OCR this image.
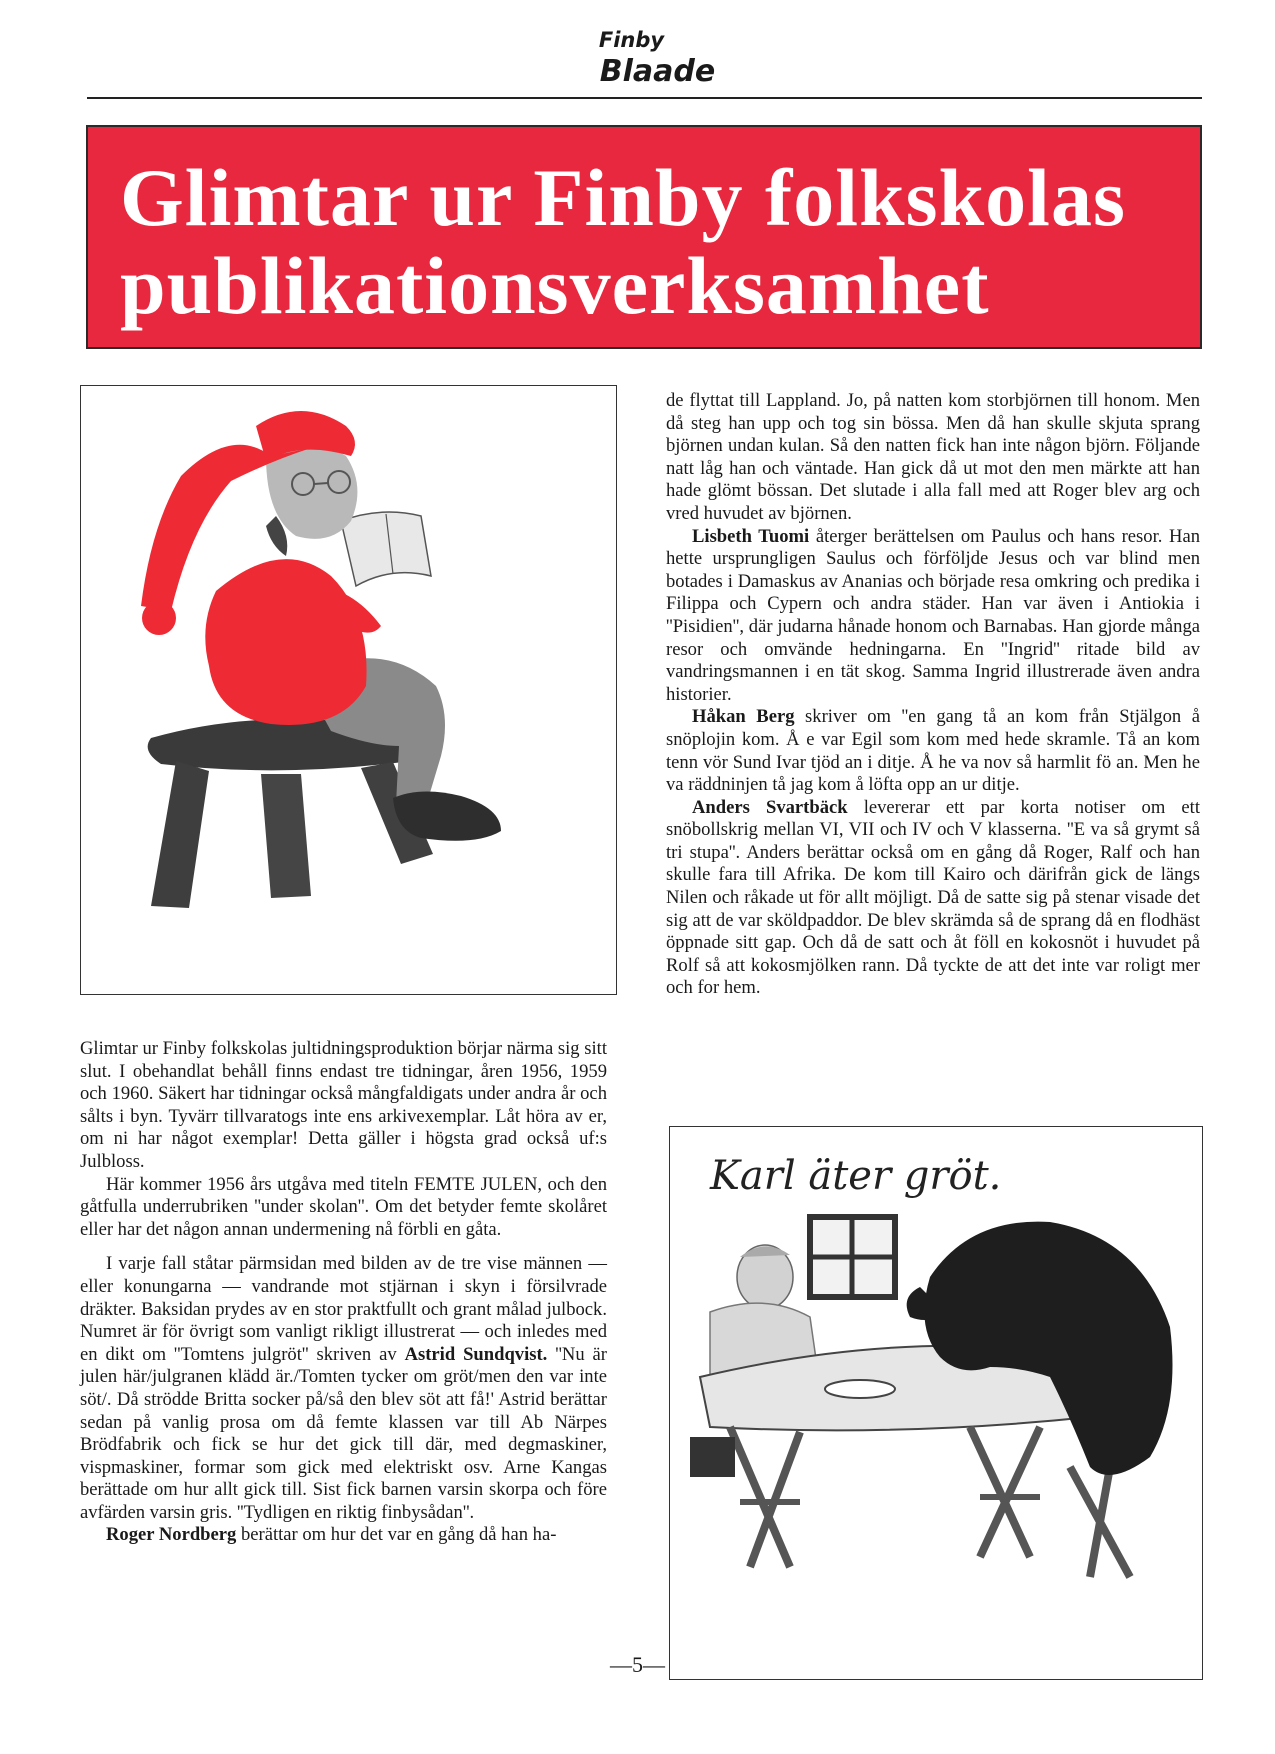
Finby
Blaade
Glimtar ur Finby folkskolas
publikationsverksamhet

de flyttat till Lappland. Jo, på natten kom storbjörnen till honom. Men då steg han upp och tog sin bössa. Men då han skulle skjuta sprang björnen undan kulan. Så den natten fick han inte någon björn. Följande natt låg han och väntade. Han gick då ut mot den men märkte att han hade glömt bössan. Det slutade i alla fall med att Roger blev arg och vred huvudet av björnen.

Lisbeth Tuomi återger berättelsen om Paulus och hans resor. Han hette ursprungligen Saulus och förföljde Jesus och var blind men botades i Damaskus av Ananias och började resa omkring och predika i Filippa och Cypern och andra städer. Han var även i Antiokia i ''Pisidien'', där judarna hånade honom och Barnabas. Han gjorde många resor och omvände hedningarna. En ''Ingrid'' ritade bild av vandringsmannen i en tät skog. Samma Ingrid illustrerade även andra historier.

Håkan Berg skriver om ''en gang tå an kom från Stjälgon å snöplojin kom. Å e var Egil som kom med hede skramle. Tå an kom tenn vör Sund Ivar tjöd an i ditje. Å he va nov så harmlit fö an. Men he va räddninjen tå jag kom å löfta opp an ur ditje.

Anders Svartbäck levererar ett par korta notiser om ett snöbollskrig mellan VI, VII och IV och V klasserna. ''E va så grymt så tri stupa''. Anders berättar också om en gång då Roger, Ralf och han skulle fara till Afrika. De kom till Kairo och därifrån gick de längs Nilen och råkade ut för allt möjligt. Då de satte sig på stenar visade det sig att de var sköldpaddor. De blev skrämda så de sprang då en flodhäst öppnade sitt gap. Och då de satt och åt föll en kokosnöt i huvudet på Rolf så att kokosmjölken rann. Då tyckte de att det inte var roligt mer och for hem.

Glimtar ur Finby folkskolas jultidningsproduktion börjar närma sig sitt slut. I obehandlat behåll finns endast tre tidningar, åren 1956, 1959 och 1960. Säkert har tidningar också mångfaldigats under andra år och sålts i byn. Tyvärr tillvaratogs inte ens arkivexemplar. Låt höra av er, om ni har något exemplar! Detta gäller i högsta grad också uf:s Julbloss.

Här kommer 1956 års utgåva med titeln FEMTE JULEN, och den gåtfulla underrubriken ''under skolan''. Om det betyder femte skolåret eller har det någon annan undermening nå förbli en gåta.

I varje fall ståtar pärmsidan med bilden av de tre vise männen — eller konungarna — vandrande mot stjärnan i skyn i försilvrade dräkter. Baksidan prydes av en stor praktfullt och grant målad julbock. Numret är för övrigt som vanligt rikligt illustrerat — och inledes med en dikt om ''Tomtens julgröt'' skriven av Astrid Sundqvist. ''Nu är julen här/julgranen klädd är./Tomten tycker om gröt/men den var inte söt/. Då strödde Britta socker på/så den blev söt att få!' Astrid berättar sedan på vanlig prosa om då femte klassen var till Ab Närpes Brödfabrik och fick se hur det gick till där, med degmaskiner, vispmaskiner, formar som gick med elektriskt osv. Arne Kangas berättade om hur allt gick till. Sist fick barnen varsin skorpa och före avfärden varsin gris. ''Tydligen en riktig finbysådan''.

Roger Nordberg berättar om hur det var en gång då han ha-

Karl äter gröt.
—5—
